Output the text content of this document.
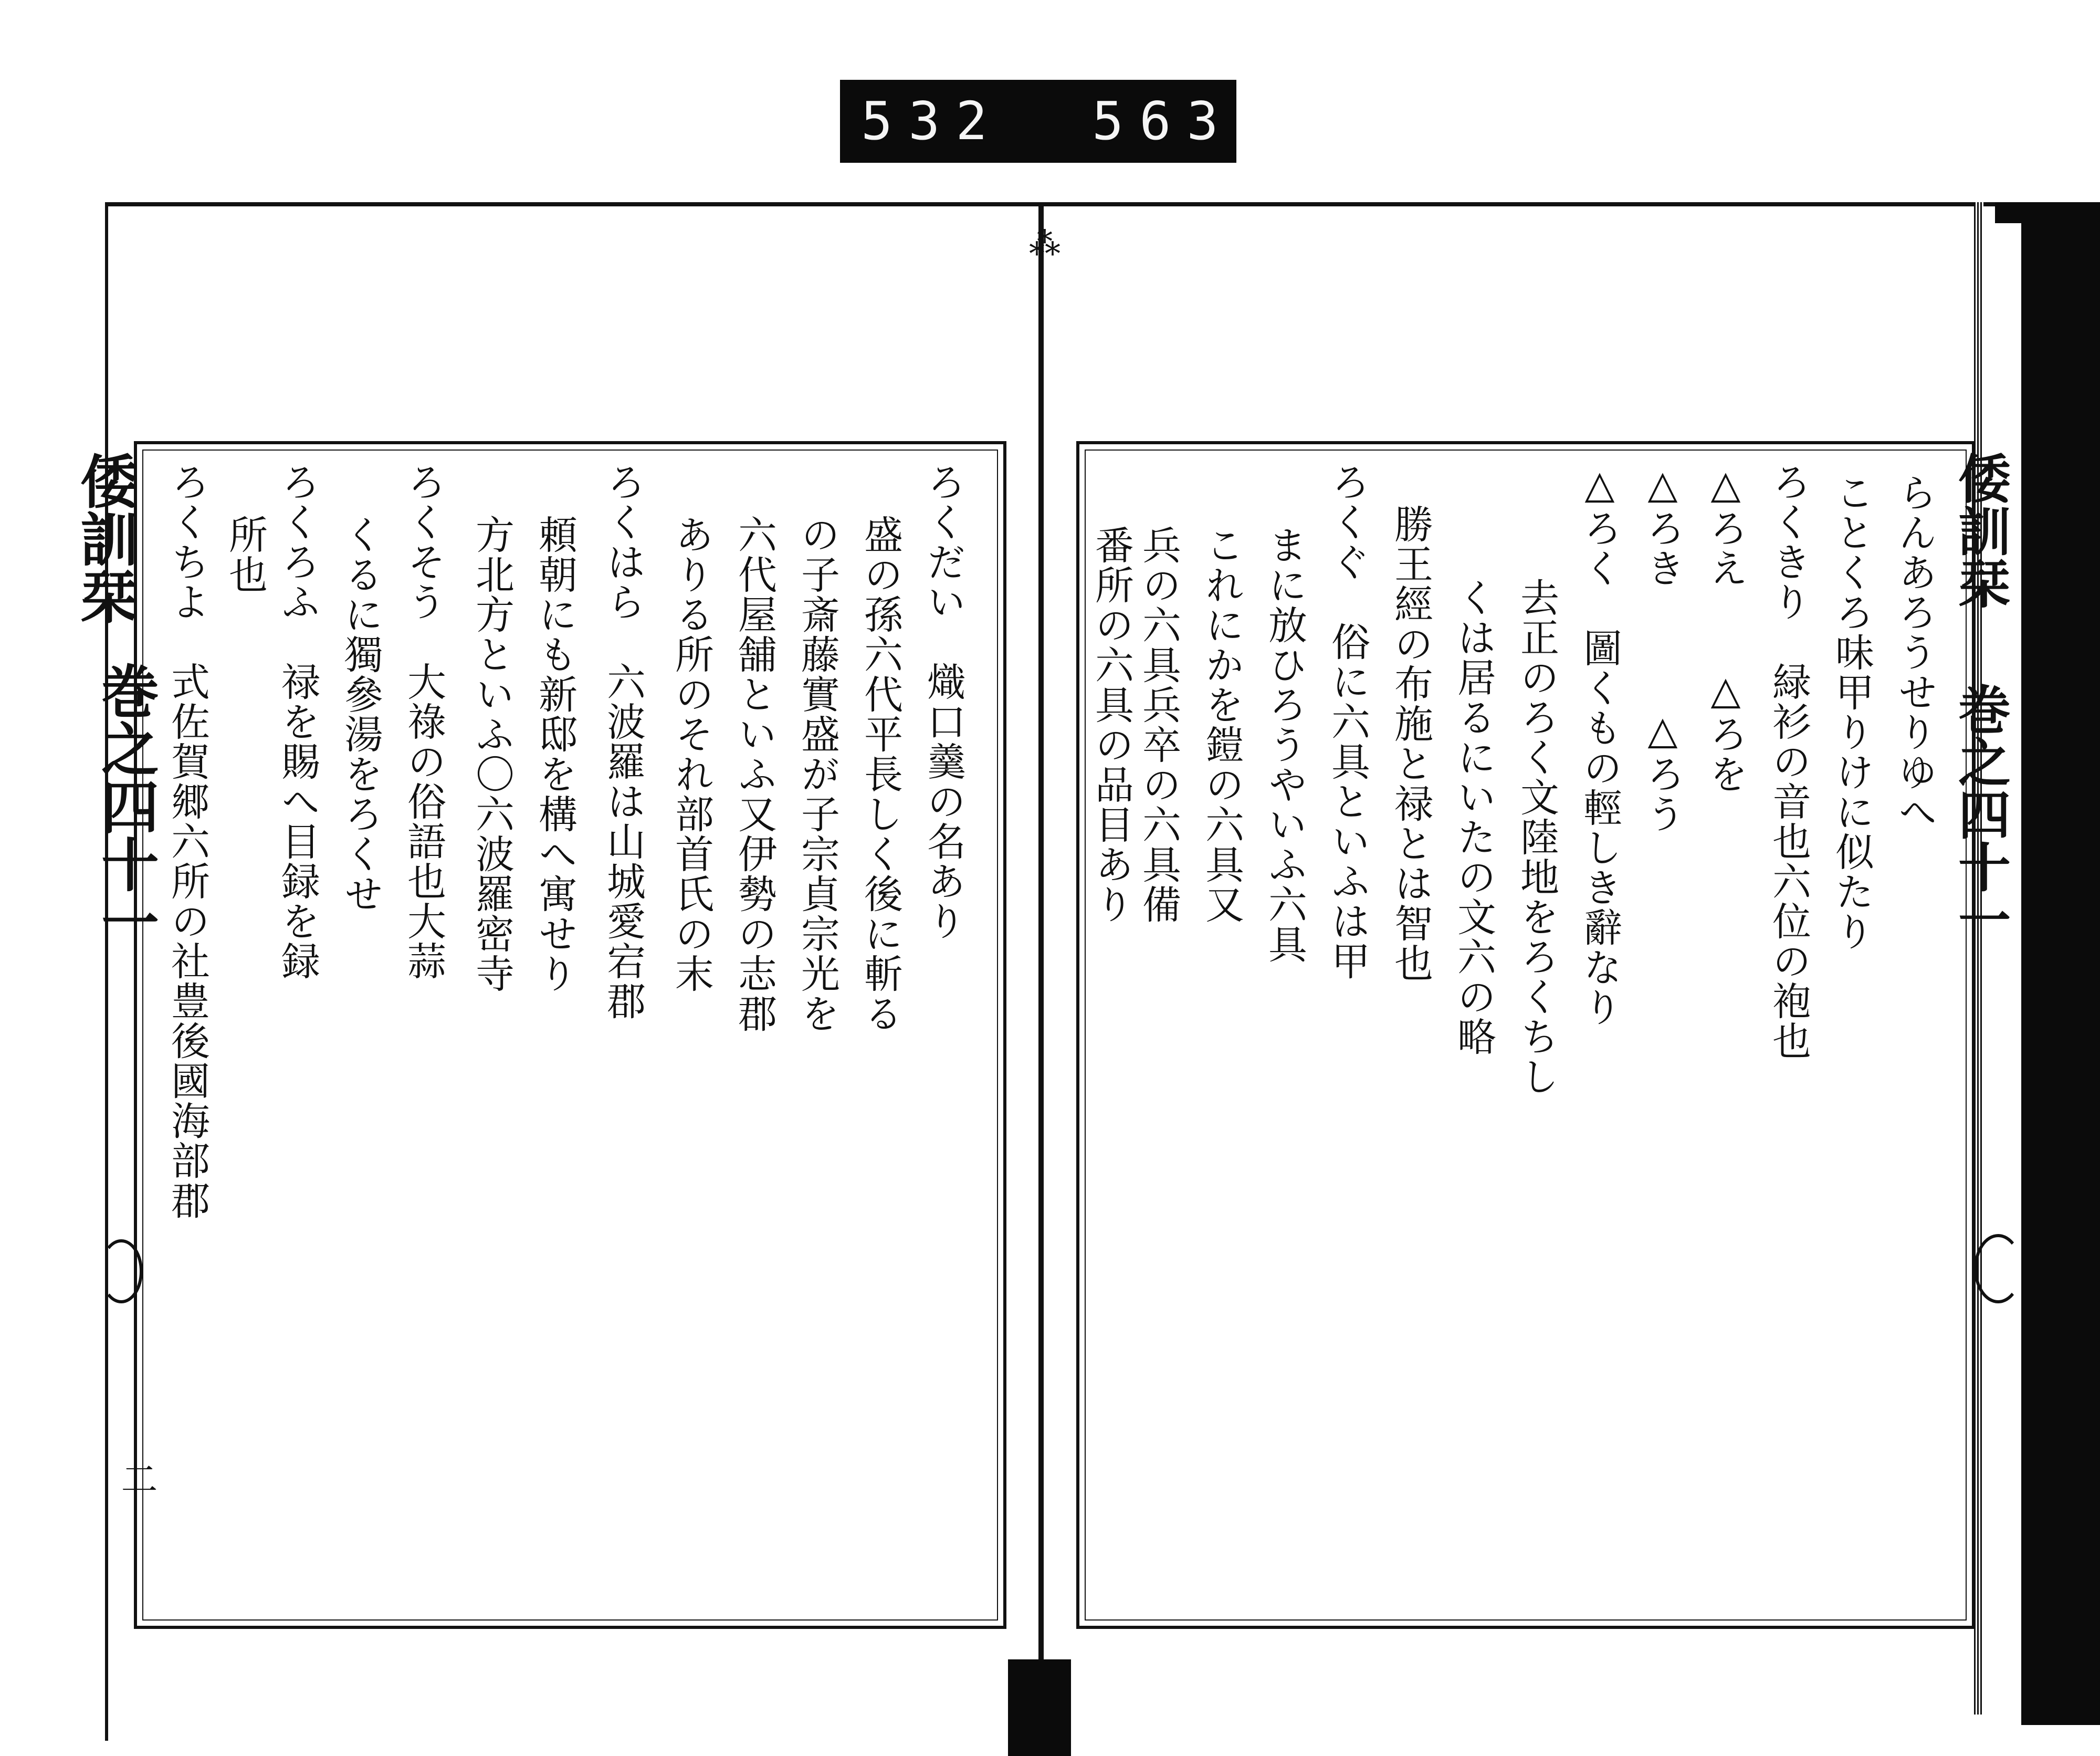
532 563
⁂
倭訓栞
巻之四十一
二
ろくだい　熾口羹の名あり
盛の孫六代平長しく後に斬る
の子斎藤實盛が子宗貞宗光を
六代屋舗といふ又伊勢の志郡
ありる所のそれ部首氏の末
ろくはら　六波羅は山城愛宕郡
頼朝にも新邸を構へ寓せり
方北方といふ〇六波羅密寺
ろくそう　大祿の俗語也大蒜
くるに獨參湯をろくせ
ろくろふ　禄を賜へ目録を録
所也
ろくちよ　式佐賀郷六所の社豊後國海部郡	倭訓栞
巻之四十一
らんあろうせりゆへ
ことくろ味甲りけに似たり
ろくきり　緑衫の音也六位の袍也
△ろえ　　△ろを
△ろき　　　△ろう
△ろく　圖くもの輕しき辭なり
去正のろく文陸地をろくちし
くは居るにいたの文六の略
勝王經の布施と禄とは智也
ろくぐ　俗に六具といふは甲
まに放ひろうやいふ六具
これにかを鎧の六具又
兵の六具兵卒の六具備
番所の六具の品目あり
